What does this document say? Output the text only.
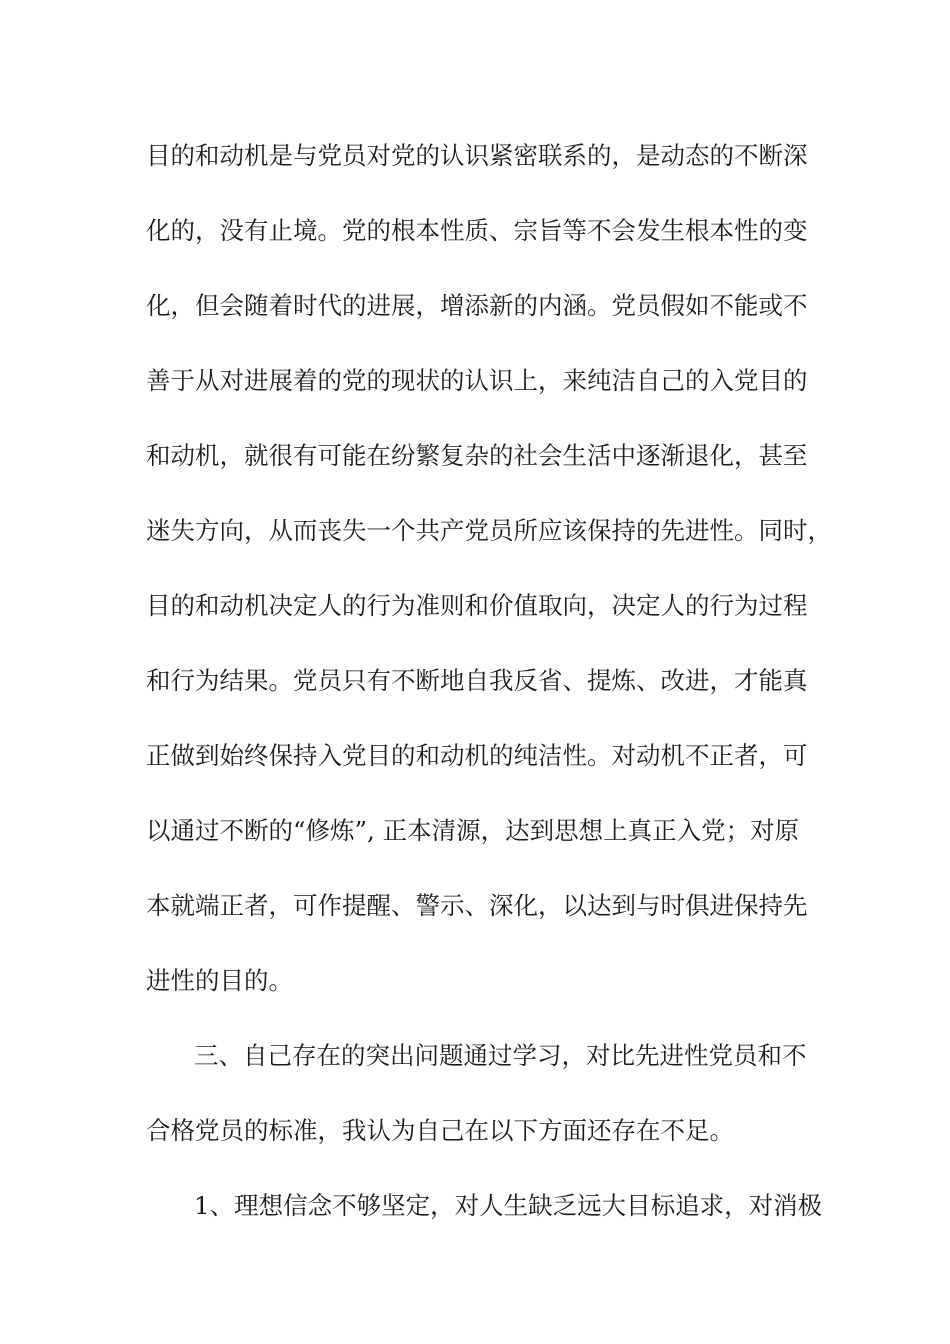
目的和动机是与党员对党的认识紧密联系的，是动态的不断深
化的，没有止境。党的根本性质、宗旨等不会发生根本性的变
化，但会随着时代的进展，增添新的内涵。党员假如不能或不
善于从对进展着的党的现状的认识上，来纯洁自己的入党目的
和动机，就很有可能在纷繁复杂的社会生活中逐渐退化，甚至
迷失方向，从而丧失一个共产党员所应该保持的先进性。同时，
目的和动机决定人的行为准则和价值取向，决定人的行为过程
和行为结果。党员只有不断地自我反省、提炼、改进，才能真
正做到始终保持入党目的和动机的纯洁性。对动机不正者，可
以通过不断的“修炼”, 正本清源，达到思想上真正入党；对原
本就端正者，可作提醒、警示、深化，以达到与时俱进保持先
进性的目的。
三、自己存在的突出问题通过学习，对比先进性党员和不
合格党员的标准，我认为自己在以下方面还存在不足。
1、理想信念不够坚定，对人生缺乏远大目标追求，对消极
